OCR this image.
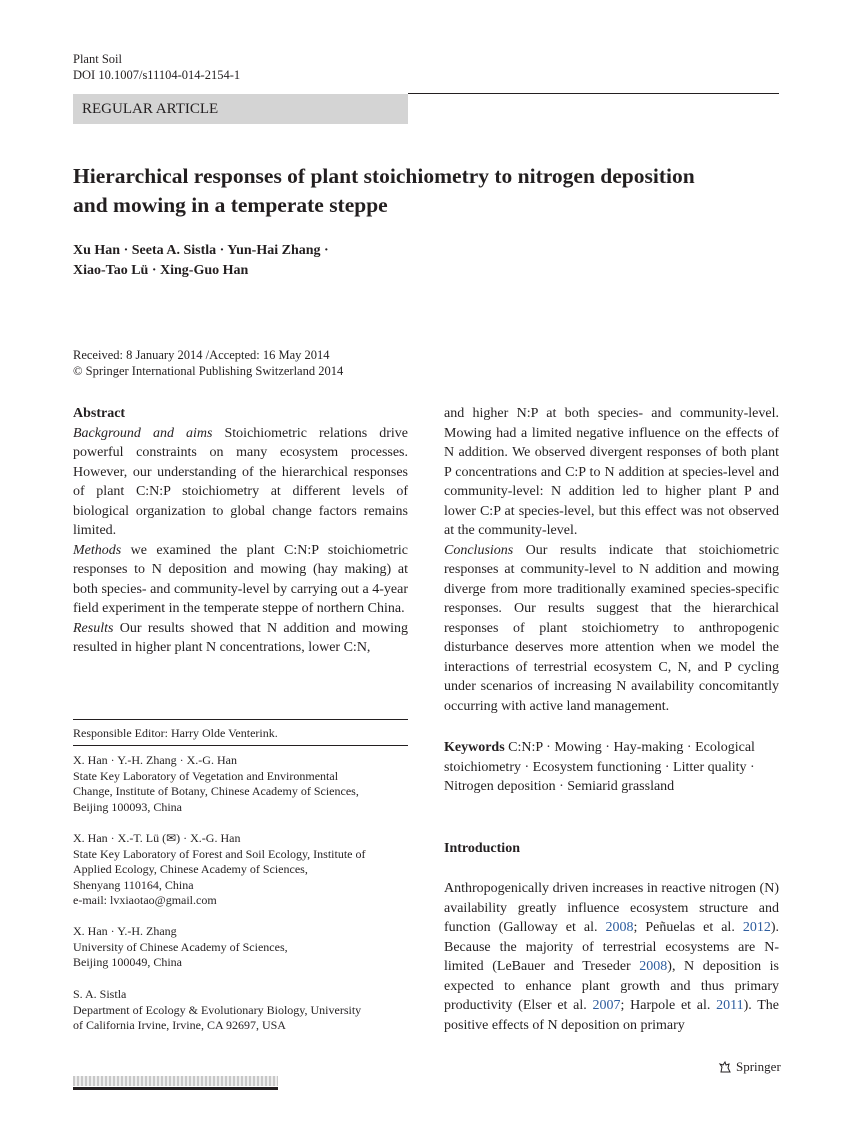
Plant Soil
DOI 10.1007/s11104-014-2154-1
REGULAR ARTICLE
Hierarchical responses of plant stoichiometry to nitrogen deposition and mowing in a temperate steppe
Xu Han · Seeta A. Sistla · Yun-Hai Zhang ·
Xiao-Tao Lü · Xing-Guo Han
Received: 8 January 2014 /Accepted: 16 May 2014
© Springer International Publishing Switzerland 2014

Abstract

Background and aims Stoichiometric relations drive powerful constraints on many ecosystem processes. However, our understanding of the hierarchical responses of plant C:N:P stoichiometry at different levels of biological organization to global change factors remains limited.

Methods we examined the plant C:N:P stoichiometric responses to N deposition and mowing (hay making) at both species- and community-level by carrying out a 4-year field experiment in the temperate steppe of northern China.

Results Our results showed that N addition and mowing resulted in higher plant N concentrations, lower C:N,

and higher N:P at both species- and community-level. Mowing had a limited negative influence on the effects of N addition. We observed divergent responses of both plant P concentrations and C:P to N addition at species-level and community-level: N addition led to higher plant P and lower C:P at species-level, but this effect was not observed at the community-level.

Conclusions Our results indicate that stoichiometric responses at community-level to N addition and mowing diverge from more traditionally examined species-specific responses. Our results suggest that the hierarchical responses of plant stoichiometry to anthropogenic disturbance deserves more attention when we model the interactions of terrestrial ecosystem C, N, and P cycling under scenarios of increasing N availability concomitantly occurring with active land management.

Responsible Editor: Harry Olde Venterink.

X. Han · Y.-H. Zhang · X.-G. Han

State Key Laboratory of Vegetation and Environmental

Change, Institute of Botany, Chinese Academy of Sciences,

Beijing 100093, China

X. Han · X.-T. Lü (✉) · X.-G. Han

State Key Laboratory of Forest and Soil Ecology, Institute of

Applied Ecology, Chinese Academy of Sciences,

Shenyang 110164, China

e-mail: lvxiaotao@gmail.com

X. Han · Y.-H. Zhang

University of Chinese Academy of Sciences,

Beijing 100049, China

S. A. Sistla

Department of Ecology & Evolutionary Biology, University

of California Irvine, Irvine, CA 92697, USA

Keywords C:N:P · Mowing · Hay-making · Ecological stoichiometry · Ecosystem functioning · Litter quality · Nitrogen deposition · Semiarid grassland
Introduction
Anthropogenically driven increases in reactive nitrogen (N) availability greatly influence ecosystem structure and function (Galloway et al. 2008; Peñuelas et al. 2012). Because the majority of terrestrial ecosystems are N-limited (LeBauer and Treseder 2008), N deposition is expected to enhance plant growth and thus primary productivity (Elser et al. 2007; Harpole et al. 2011). The positive effects of N deposition on primary
Springer
